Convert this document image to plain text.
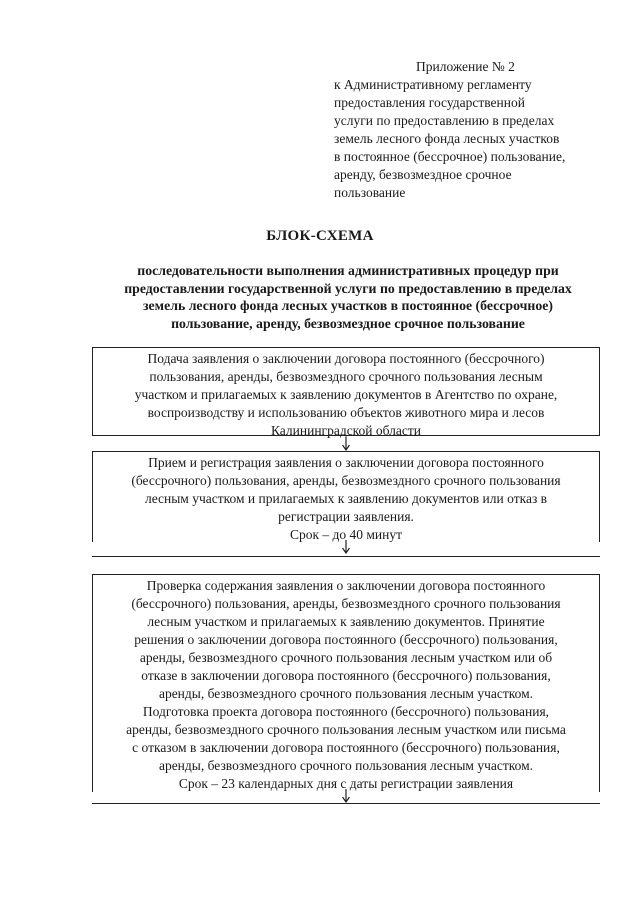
Приложение № 2
к Административному регламенту
предоставления государственной
услуги по предоставлению в пределах
земель лесного фонда лесных участков
в постоянное (бессрочное) пользование,
аренду, безвозмездное срочное
пользование
БЛОК-СХЕМА
последовательности выполнения административных процедур при
предоставлении государственной услуги по предоставлению в пределах
земель лесного фонда лесных участков в постоянное (бессрочное)
пользование, аренду, безвозмездное срочное пользование
Подача заявления о заключении договора постоянного (бессрочного)
пользования, аренды, безвозмездного срочного пользования лесным
участком и прилагаемых к заявлению документов в Агентство по охране,
воспроизводству и использованию объектов животного мира и лесов
Калининградской области
Прием и регистрация заявления о заключении договора постоянного
(бессрочного) пользования, аренды, безвозмездного срочного пользования
лесным участком и прилагаемых к заявлению документов или отказ в
регистрации заявления.
Срок – до 40 минут
Проверка содержания заявления о заключении договора постоянного
(бессрочного) пользования, аренды, безвозмездного срочного пользования
лесным участком и прилагаемых к заявлению документов. Принятие
решения о заключении договора постоянного (бессрочного) пользования,
аренды, безвозмездного срочного пользования лесным участком или об
отказе в заключении договора постоянного (бессрочного) пользования,
аренды, безвозмездного срочного пользования лесным участком.
Подготовка проекта договора постоянного (бессрочного) пользования,
аренды, безвозмездного срочного пользования лесным участком или письма
с отказом в заключении договора постоянного (бессрочного) пользования,
аренды, безвозмездного срочного пользования лесным участком.
Срок – 23 календарных дня с даты регистрации заявления
